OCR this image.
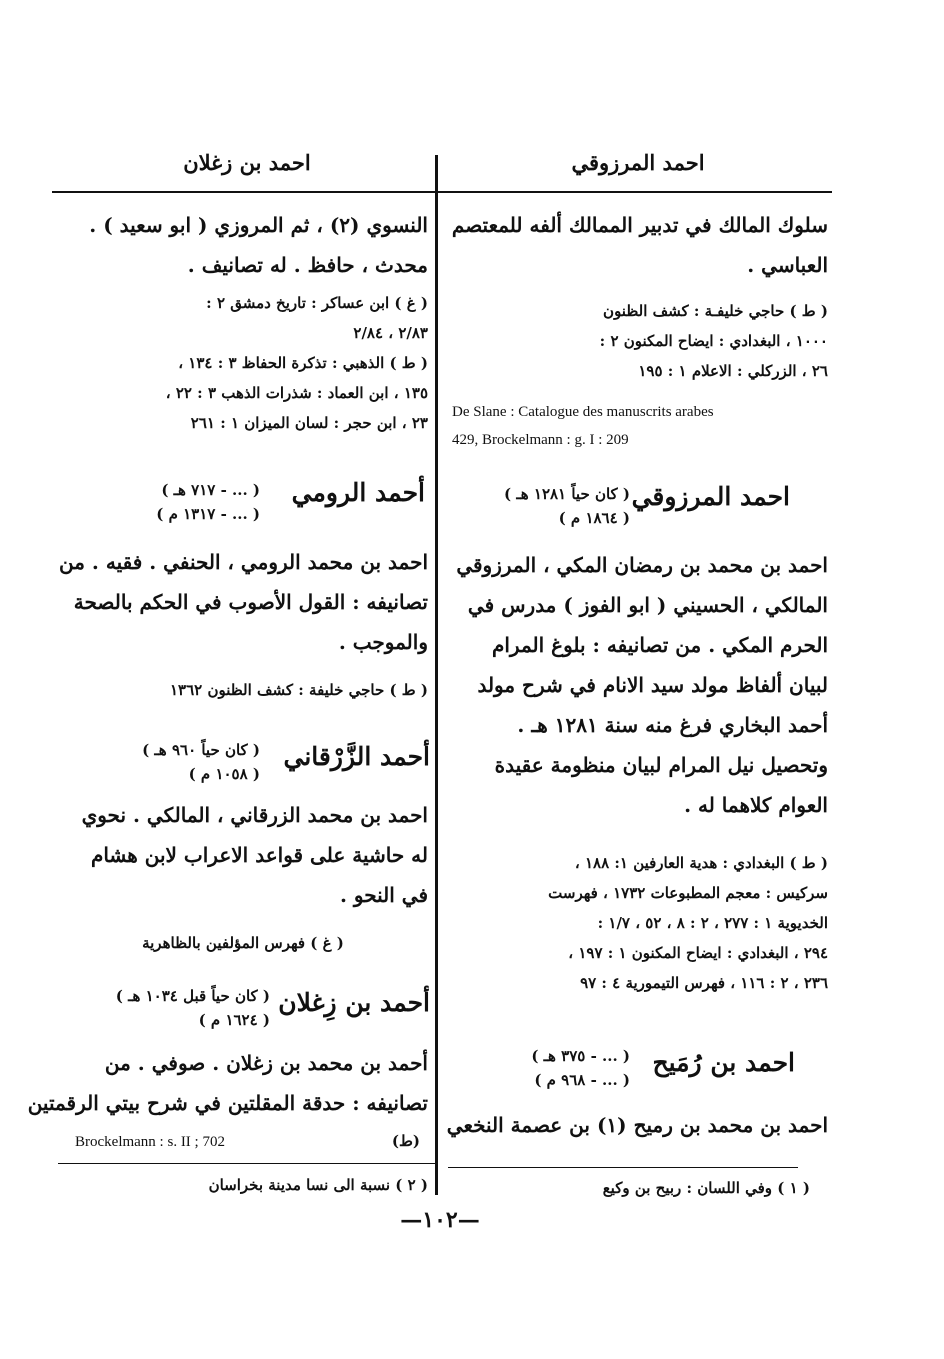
احمد المرزوقي
احمد بن زغلان
سلوك المالك في تدبير الممالك ألفه للمعتصم
العباسي .
( ط ) حاجي خليفـة : كشف الظنون
١٠٠٠ ، البغدادي : ايضاح المكنون ٢ :
٢٦ ، الزركلي : الاعلام ١ : ١٩٥
De Slane : Catalogue des manuscrits arabes
429, Brockelmann : g. I : 209
احمد المرزوقي
( كان حياً ١٢٨١ هـ )
( ١٨٦٤ م )
احمد بن محمد بن رمضان المكي ، المرزوقي
المالكي ، الحسيني ( ابو الفوز ) مدرس في
الحرم المكي . من تصانيفه : بلوغ المرام
لبيان ألفاظ مولد سيد الانام في شرح مولد
أحمد البخاري فرغ منه سنة ١٢٨١ هـ .
وتحصيل نيل المرام لبيان منظومة عقيدة
العوام كلاهما له .
( ط ) البغدادي : هدية العارفين ١: ١٨٨ ،
سركيس : معجم المطبوعات ١٧٣٢ ، فهرست
الخديوية ١ : ٢٧٧ ، ٢ : ٨ ، ٥٢ ، ١/٧ :
٢٩٤ ، البغدادي : ايضاح المكنون ١ : ١٩٧ ،
٢٣٦ ، ٢ : ١١٦ ، فهرس التيمورية ٤ : ٩٧
احمد بن رُمَيح
( ... - ٣٧٥ هـ )
( ... - ٩٦٨ م )
احمد بن محمد بن رميح (١) بن عصمة النخعي
( ١ ) وفي اللسان : ربيح بن وكيع
النسوي (٢) ، ثم المروزي ( ابو سعيد ) .
محدث ، حافظ . له تصانيف .
( غ ) ابن عساكر : تاريخ دمشق ٢ :
٢/٨٣ ، ٢/٨٤
( ط ) الذهبي : تذكرة الحفاظ ٣ : ١٣٤ ،
١٣٥ ، ابن العماد : شذرات الذهب ٣ : ٢٢ ،
٢٣ ، ابن حجر : لسان الميزان ١ : ٢٦١
أحمد الرومي
( ... - ٧١٧ هـ )
( ... - ١٣١٧ م )
احمد بن محمد الرومي ، الحنفي . فقيه . من
تصانيفه : القول الأصوب في الحكم بالصحة
والموجب .
( ط ) حاجي خليفة : كشف الظنون ١٣٦٢
أحمد الزَّرْقاني
( كان حياً ٩٦٠ هـ )
( ١٠٥٨ م )
احمد بن محمد الزرقاني ، المالكي . نحوي
له حاشية على قواعد الاعراب لابن هشام
في النحو .
( غ ) فهرس المؤلفين بالظاهرية
أحمد بن زِغلان
( كان حياً قبل ١٠٣٤ هـ )
( ١٦٢٤ م )
أحمد بن محمد بن زغلان . صوفي . من
تصانيفه : حدقة المقلتين في شرح بيتي الرقمتين
Brockelmann : s. II ; 702	(ط)
( ٢ ) نسبة الى نسا مدينة بخراسان
—١٠٢—
